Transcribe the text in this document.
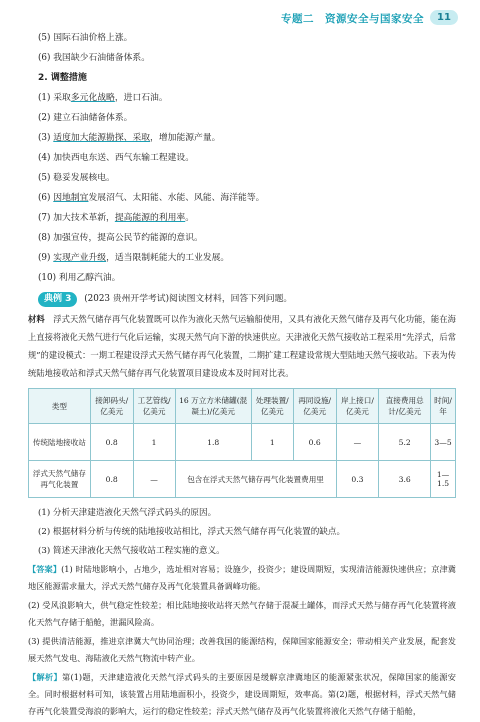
专题二　资源安全与国家安全	11
(5) 国际石油价格上涨。
(6) 我国缺少石油储备体系。
2. 调整措施
(1) 采取多元化战略，进口石油。
(2) 建立石油储备体系。
(3) 适度加大能源勘探、采取，增加能源产量。
(4) 加快西电东送、西气东输工程建设。
(5) 稳妥发展核电。
(6) 因地制宜发展沼气、太阳能、水能、风能、海洋能等。
(7) 加大技术革新，提高能源的利用率。
(8) 加强宣传，提高公民节约能源的意识。
(9) 实现产业升级，适当限制耗能大的工业发展。
(10) 利用乙醇汽油。
典例 3 (2023 贵州开学考试)阅读图文材料，回答下列问题。
材料　 浮式天然气储存再气化装置既可以作为液化天然气运输船使用，又具有液化天然气储存及再气化功能，能在海上直接将液化天然气进行气化后运输，实现天然气向下游的快速供应。天津液化天然气接收站工程采用“先浮式，后常规”的建设模式：一期工程建设浮式天然气储存再气化装置，二期扩建工程建设常规大型陆地天然气接收站。下表为传统陆地接收站和浮式天然气储存再气化装置项目建设成本及时间对比表。
类型	接卸码头/亿美元	工艺管线/亿美元	16 万立方米储罐(混凝土)/亿美元	处理装置/亿美元	再同设施/亿美元	岸上接口/亿美元	直接费用总计/亿美元	时间/年
传统陆地接收站	0.8	1	1.8	1	0.6	—	5.2	3—5
浮式天然气储存再气化装置	0.8	—	包含在浮式天然气储存再气化装置费用里			0.3	3.6	1—1.5
(1) 分析天津建造液化天然气浮式码头的原因。
(2) 根据材料分析与传统的陆地接收站相比，浮式天然气储存再气化装置的缺点。
(3) 简述天津液化天然气接收站工程实施的意义。

【答案】(1) 时陆地影响小，占地少，选址相对容易；设施少，投资少；建设周期短，实现清洁能源快速供应；京津冀地区能源需求量大，浮式天然气储存及再气化装置具备调峰功能。

(2) 受风浪影响大，供气稳定性较差；相比陆地接收站将天然气存储于混凝土罐体，而浮式天然与储存再气化装置将液化天然气存储于船舱，泄漏风险高。

(3) 提供清洁能源，推进京津冀大气协同治理；改善我国的能源结构，保障国家能源安全；带动相关产业发展，配套发展天然气发电、海陆液化天然气物流中转产业。

【解析】第(1)题，天津建造液化天然气浮式码头的主要原因是缓解京津冀地区的能源紧张状况，保障国家的能源安全。同时根据材料可知，该装置占用陆地面积小，投资少，建设周期短，效率高。第(2)题，根据材料，浮式天然气储存再气化装置受海浪的影响大，运行的稳定性较差；浮式天然气储存及再气化装置将液化天然气存储于船舱，
